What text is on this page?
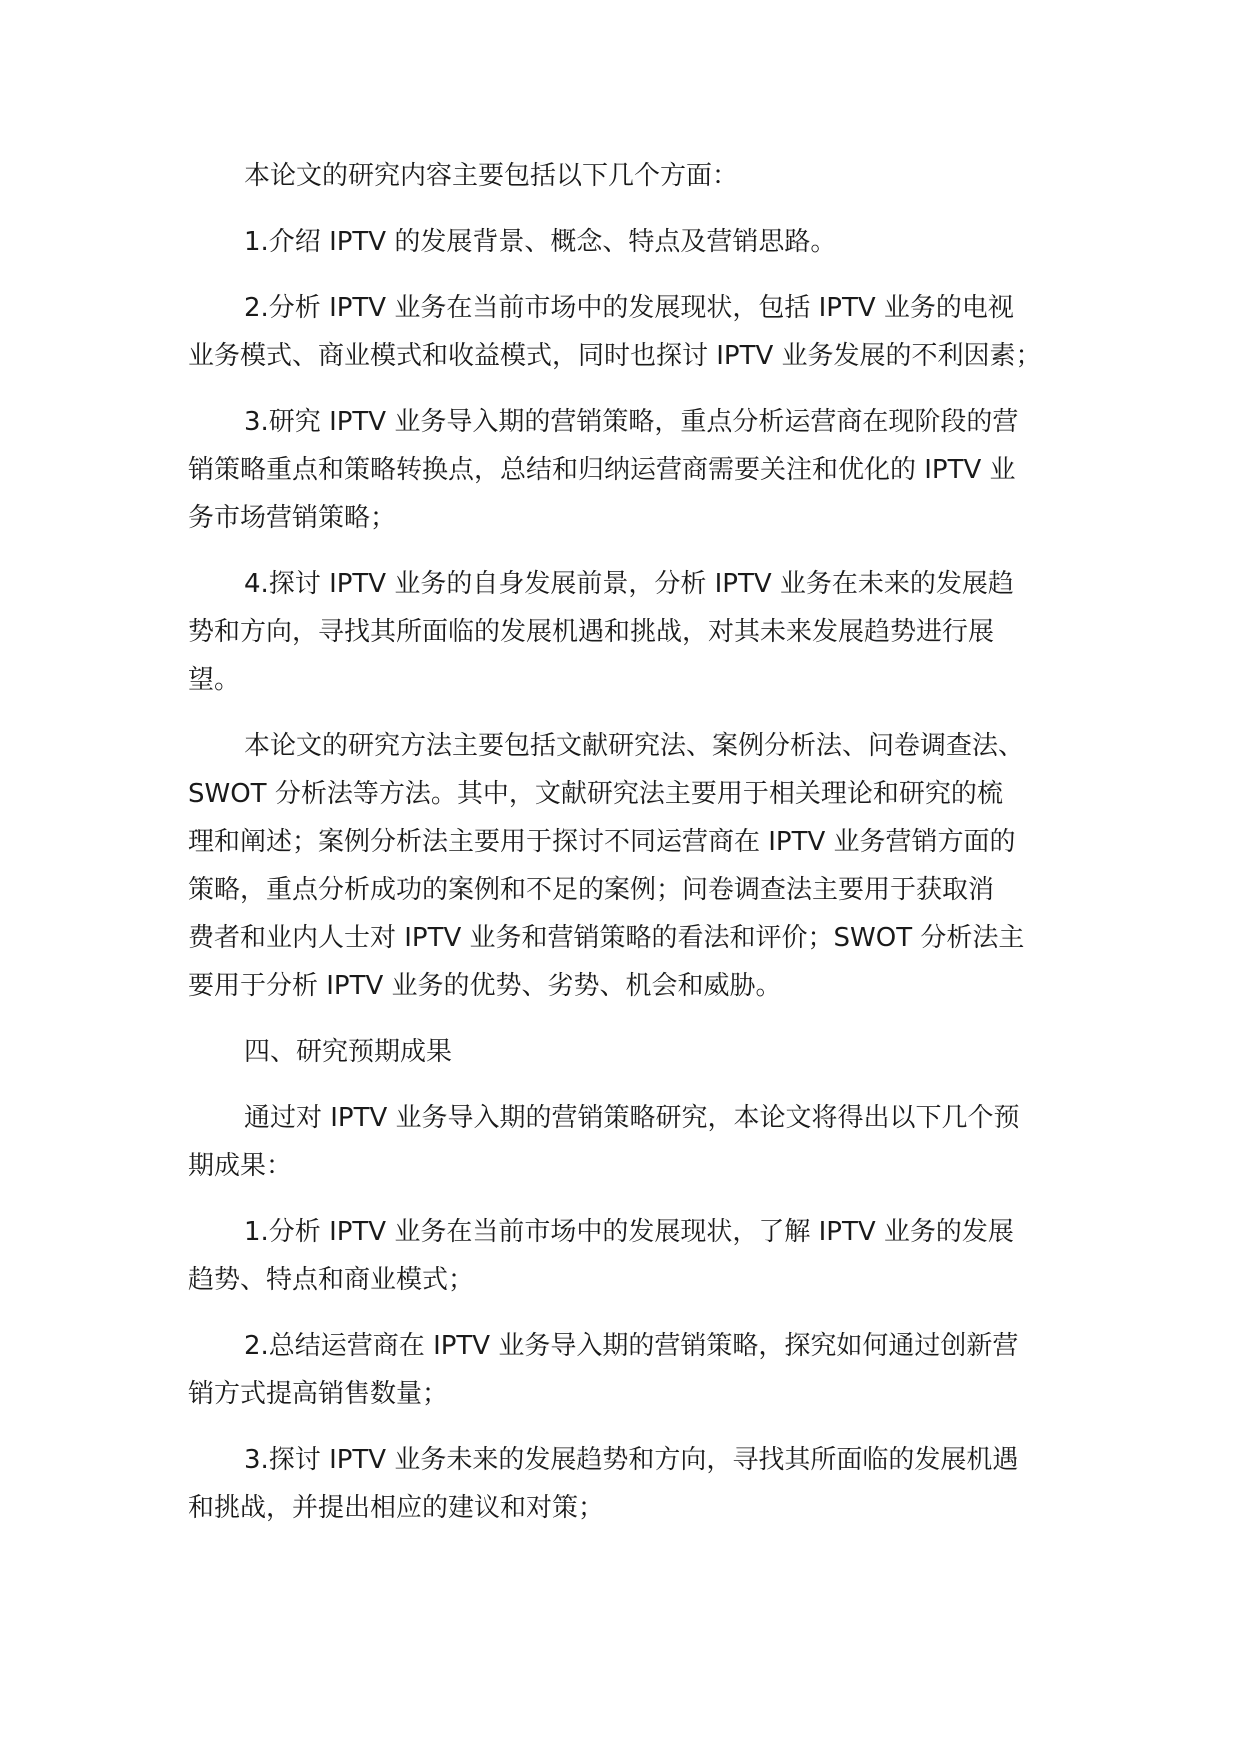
本论文的研究内容主要包括以下几个方面：

1.介绍 IPTV 的发展背景、概念、特点及营销思路。

2.分析 IPTV 业务在当前市场中的发展现状，包括 IPTV 业务的电视
业务模式、商业模式和收益模式，同时也探讨 IPTV 业务发展的不利因素；

3.研究 IPTV 业务导入期的营销策略，重点分析运营商在现阶段的营
销策略重点和策略转换点，总结和归纳运营商需要关注和优化的 IPTV 业
务市场营销策略；

4.探讨 IPTV 业务的自身发展前景，分析 IPTV 业务在未来的发展趋
势和方向，寻找其所面临的发展机遇和挑战，对其未来发展趋势进行展
望。

本论文的研究方法主要包括文献研究法、案例分析法、问卷调查法、
SWOT 分析法等方法。其中，文献研究法主要用于相关理论和研究的梳
理和阐述；案例分析法主要用于探讨不同运营商在 IPTV 业务营销方面的
策略，重点分析成功的案例和不足的案例；问卷调查法主要用于获取消
费者和业内人士对 IPTV 业务和营销策略的看法和评价；SWOT 分析法主
要用于分析 IPTV 业务的优势、劣势、机会和威胁。

四、研究预期成果

通过对 IPTV 业务导入期的营销策略研究，本论文将得出以下几个预
期成果：

1.分析 IPTV 业务在当前市场中的发展现状，了解 IPTV 业务的发展
趋势、特点和商业模式；

2.总结运营商在 IPTV 业务导入期的营销策略，探究如何通过创新营
销方式提高销售数量；

3.探讨 IPTV 业务未来的发展趋势和方向，寻找其所面临的发展机遇
和挑战，并提出相应的建议和对策；
